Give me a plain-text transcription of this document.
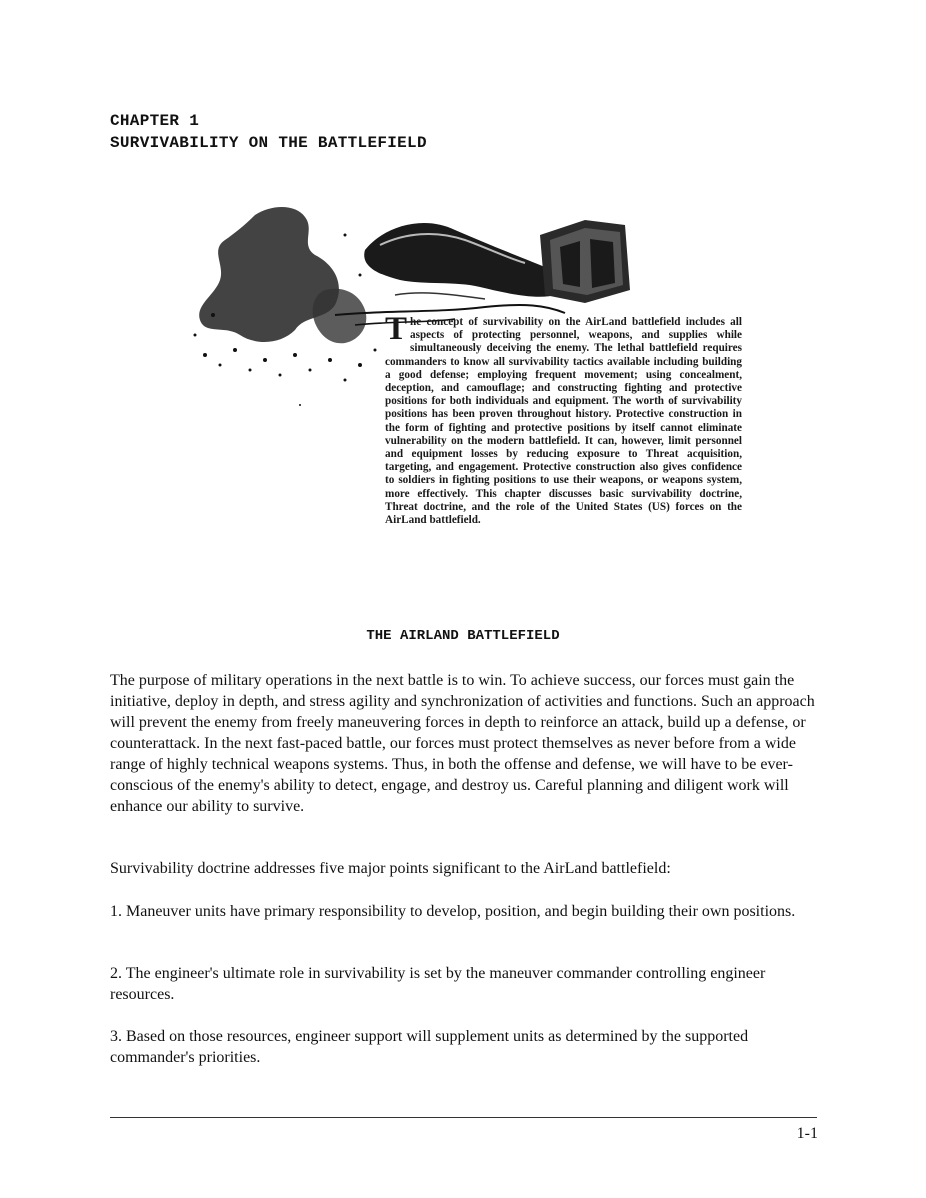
CHAPTER 1
SURVIVABILITY ON THE BATTLEFIELD
The concept of survivability on the AirLand battlefield includes all aspects of protecting personnel, weapons, and supplies while simultaneously deceiving the enemy. The lethal battlefield requires commanders to know all survivability tactics available including building a good defense; employing frequent movement; using concealment, deception, and camouflage; and constructing fighting and protective positions for both individuals and equipment. The worth of survivability positions has been proven throughout history. Protective construction in the form of fighting and protective positions by itself cannot eliminate vulnerability on the modern battlefield. It can, however, limit personnel and equipment losses by reducing exposure to Threat acquisition, targeting, and engagement. Protective construction also gives confidence to soldiers in fighting positions to use their weapons, or weapons system, more effectively. This chapter discusses basic survivability doctrine, Threat doctrine, and the role of the United States (US) forces on the AirLand battlefield.
THE AIRLAND BATTLEFIELD
The purpose of military operations in the next battle is to win. To achieve success, our forces must gain the initiative, deploy in depth, and stress agility and synchronization of activities and functions. Such an approach will prevent the enemy from freely maneuvering forces in depth to reinforce an attack, build up a defense, or counterattack. In the next fast-paced battle, our forces must protect themselves as never before from a wide range of highly technical weapons systems. Thus, in both the offense and defense, we will have to be ever-conscious of the enemy's ability to detect, engage, and destroy us. Careful planning and diligent work will enhance our ability to survive.
Survivability doctrine addresses five major points significant to the AirLand battlefield:
1. Maneuver units have primary responsibility to develop, position, and begin building their own positions.
2. The engineer's ultimate role in survivability is set by the maneuver commander controlling engineer resources.
3. Based on those resources, engineer support will supplement units as determined by the supported commander's priorities.
1-1
